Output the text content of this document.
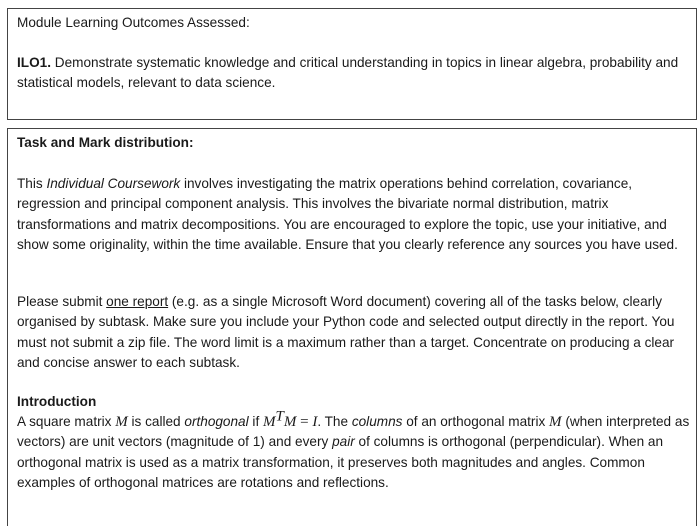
Module Learning Outcomes Assessed:

ILO1. Demonstrate systematic knowledge and critical understanding in topics in linear algebra, probability and statistical models, relevant to data science.

Task and Mark distribution:

This Individual Coursework involves investigating the matrix operations behind correlation, covariance, regression and principal component analysis. This involves the bivariate normal distribution, matrix transformations and matrix decompositions. You are encouraged to explore the topic, use your initiative, and show some originality, within the time available. Ensure that you clearly reference any sources you have used.

Please submit one report (e.g. as a single Microsoft Word document) covering all of the tasks below, clearly organised by subtask. Make sure you include your Python code and selected output directly in the report. You must not submit a zip file. The word limit is a maximum rather than a target. Concentrate on producing a clear and concise answer to each subtask.

Introduction

A square matrix M is called orthogonal if $M^TM = I$. The columns of an orthogonal matrix M (when interpreted as vectors) are unit vectors (magnitude of 1) and every pair of columns is orthogonal (perpendicular). When an orthogonal matrix is used as a matrix transformation, it preserves both magnitudes and angles. Common examples of orthogonal matrices are rotations and reflections.
